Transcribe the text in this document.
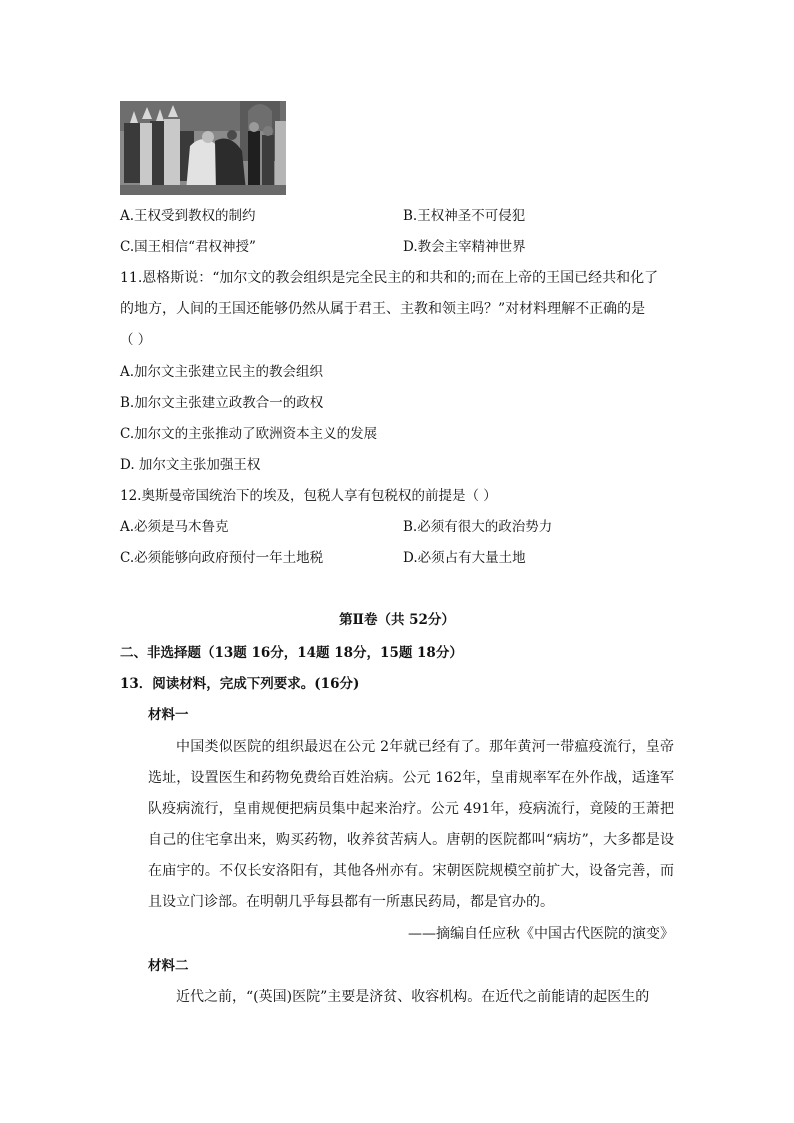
A.王权受到教权的制约	B.王权神圣不可侵犯
C.国王相信“君权神授”	D.教会主宰精神世界
11.恩格斯说：“加尔文的教会组织是完全民主的和共和的;而在上帝的王国已经共和化了
的地方，人间的王国还能够仍然从属于君王、主教和领主吗？”对材料理解不正确的是
（ ）
A.加尔文主张建立民主的教会组织
B.加尔文主张建立政教合一的政权
C.加尔文的主张推动了欧洲资本主义的发展
D. 加尔文主张加强王权
12.奥斯曼帝国统治下的埃及，包税人享有包税权的前提是（ ）
A.必须是马木鲁克	B.必须有很大的政治势力
C.必须能够向政府预付一年土地税	D.必须占有大量土地
第Ⅱ卷（共 52分）
二、非选择题（13题 16分，14题 18分，15题 18分）
13．阅读材料，完成下列要求。(16分)
材料一
中国类似医院的组织最迟在公元 2年就已经有了。那年黄河一带瘟疫流行，皇帝选址，设置医生和药物免费给百姓治病。公元 162年，皇甫规率军在外作战，适逢军队疫病流行，皇甫规便把病员集中起来治疗。公元 491年，疫病流行，竟陵的王萧把自己的住宅拿出来，购买药物，收养贫苦病人。唐朝的医院都叫“病坊”，大多都是设在庙宇的。不仅长安洛阳有，其他各州亦有。宋朝医院规模空前扩大，设备完善，而且设立门诊部。在明朝几乎每县都有一所惠民药局，都是官办的。
——摘编自任应秋《中国古代医院的演变》
材料二
近代之前，“(英国)医院”主要是济贫、收容机构。在近代之前能请的起医生的
